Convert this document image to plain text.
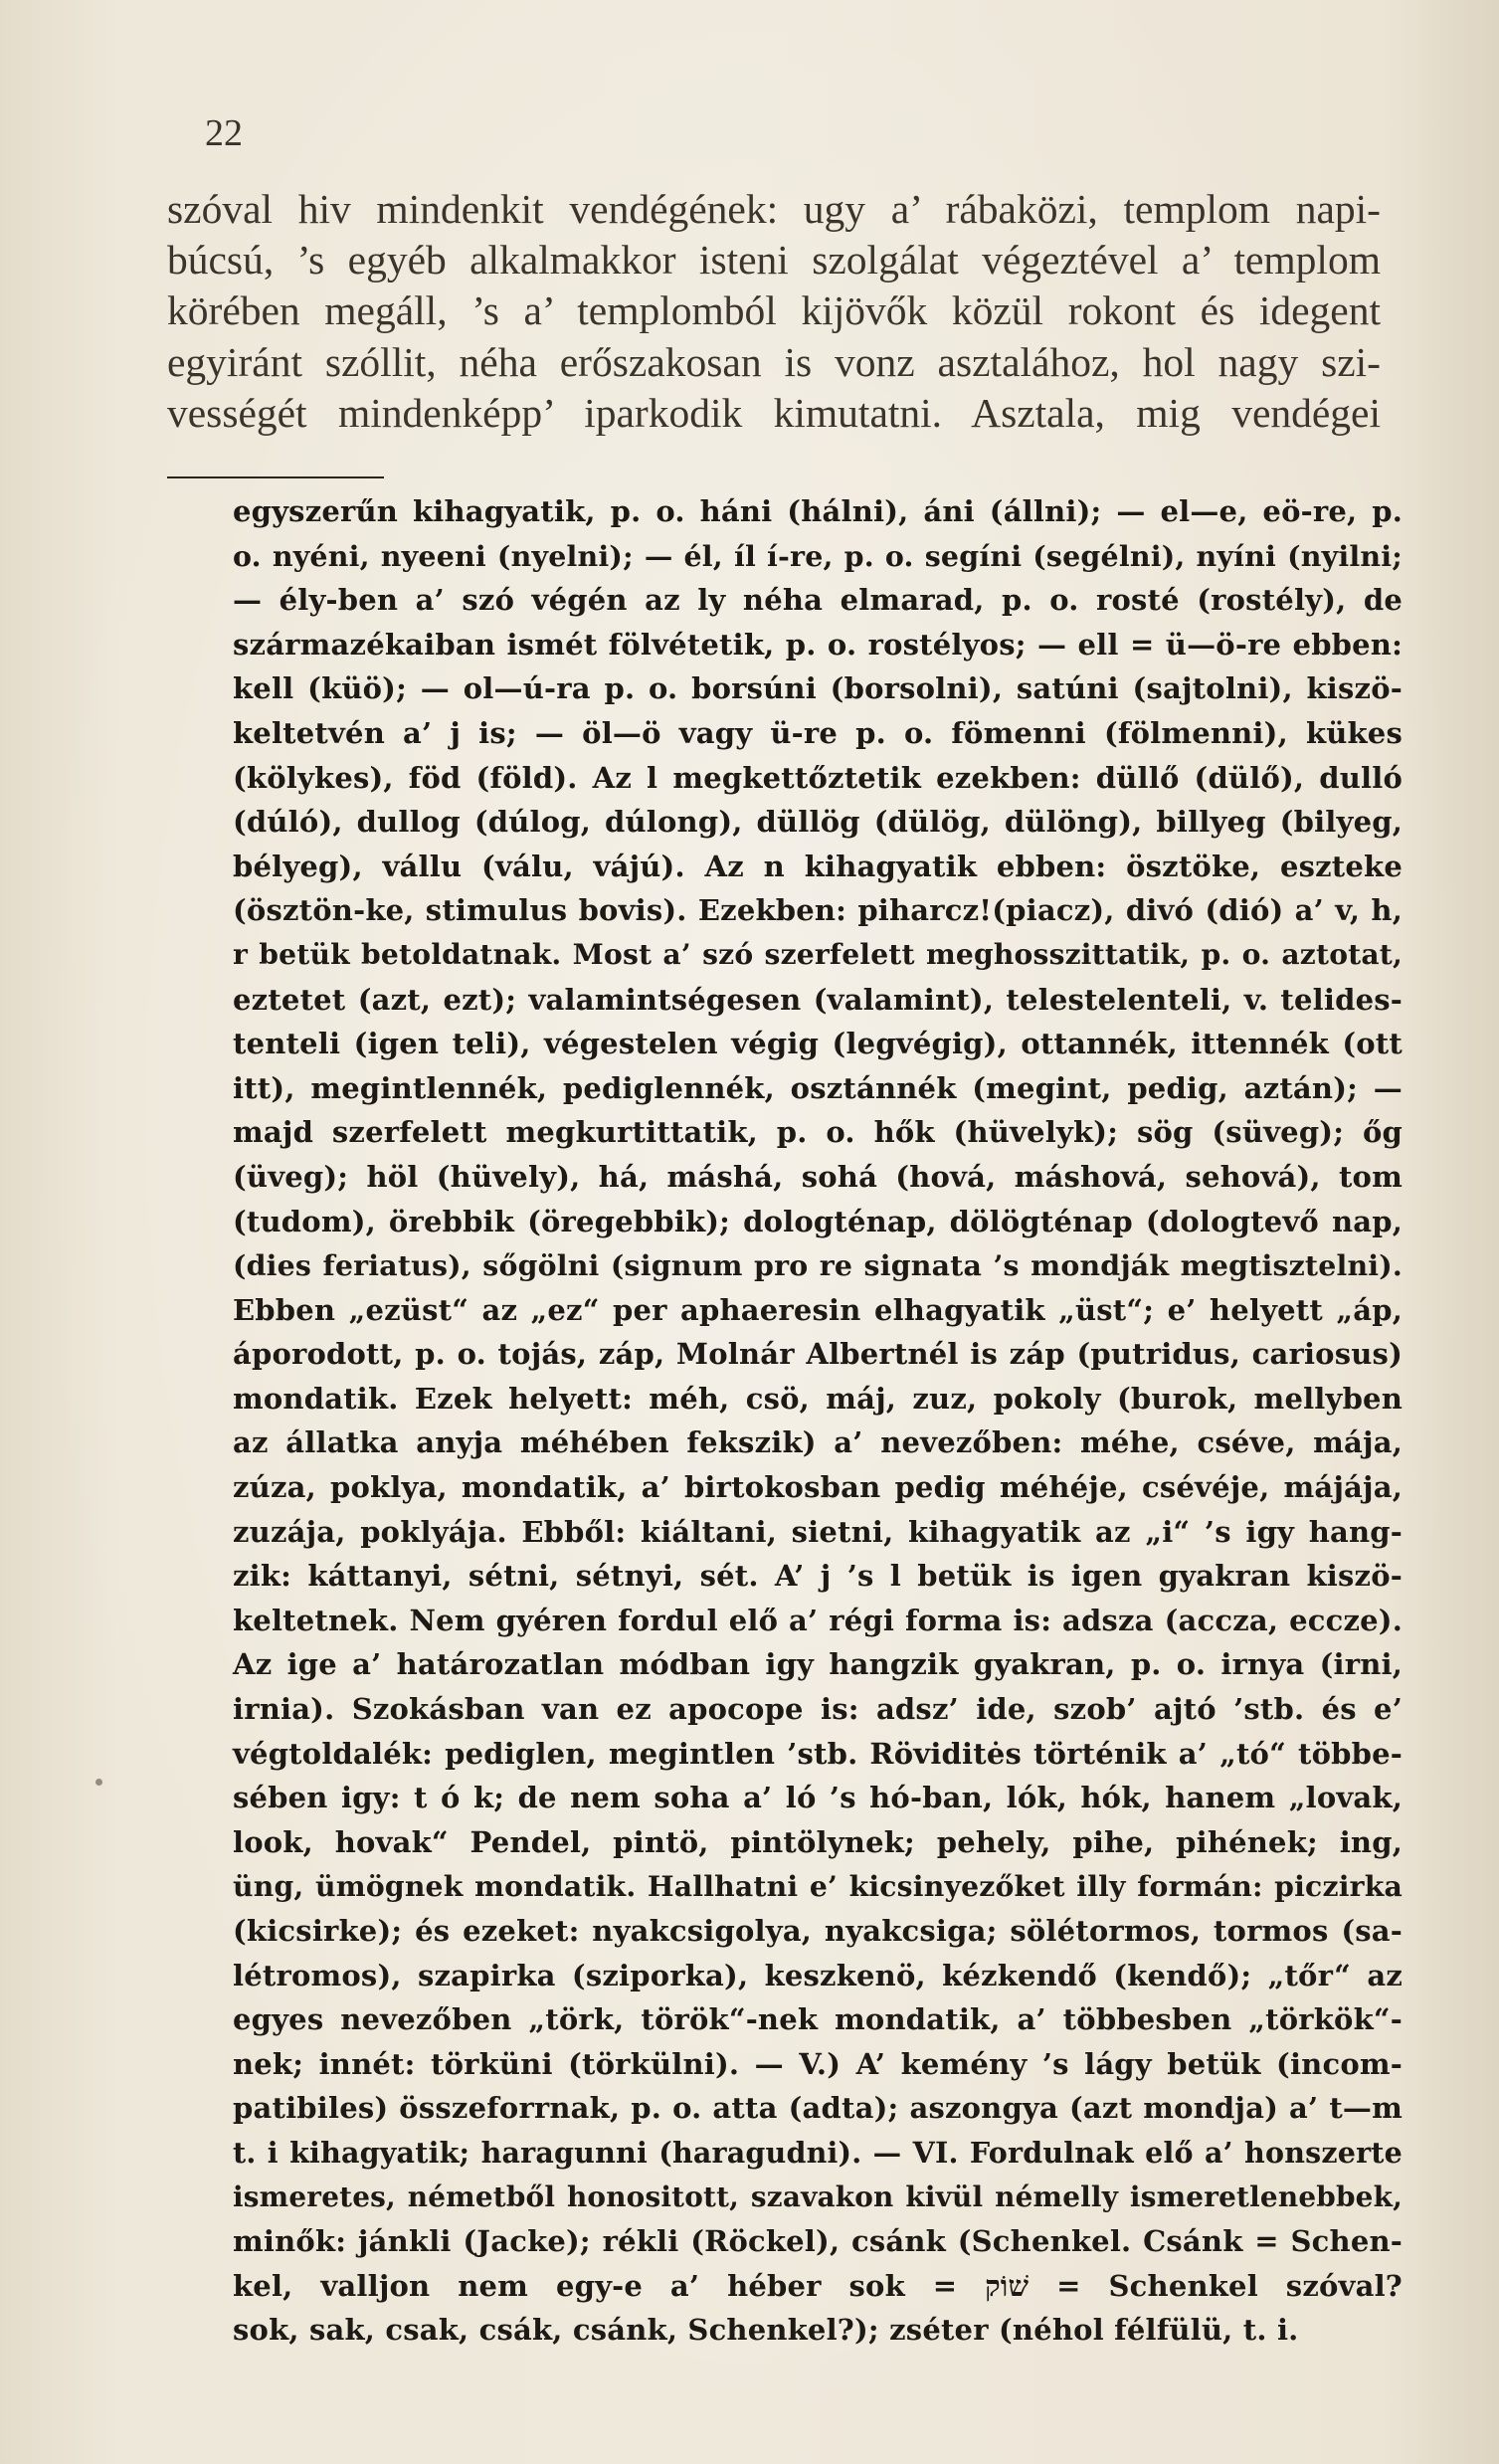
22
szóval hiv mindenkit vendégének: ugy a’ rábaközi, templom napi-
búcsú, ’s egyéb alkalmakkor isteni szolgálat végeztével a’ templom
körében megáll, ’s a’ templomból kijövők közül rokont és idegent
egyiránt szóllit, néha erőszakosan is vonz asztalához, hol nagy szi-
vességét mindenképp’ iparkodik kimutatni. Asztala, mig vendégei
egyszerűn kihagyatik, p. o. háni (hálni), áni (állni); — el—e, eö-re, p.
o. nyéni, nyeeni (nyelni); — él, íl í-re, p. o. segíni (segélni), nyíni (nyilni;
— ély-ben a’ szó végén az ly néha elmarad, p. o. rosté (rostély), de
származékaiban ismét fölvétetik, p. o. rostélyos; — ell = ü—ö-re ebben:
kell (küö); — ol—ú-ra p. o. borsúni (borsolni), satúni (sajtolni), kiszö-
keltetvén a’ j is; — öl—ö vagy ü-re p. o. fömenni (fölmenni), kükes
(kölykes), föd (föld). Az l megkettőztetik ezekben: düllő (dülő), dulló
(dúló), dullog (dúlog, dúlong), düllög (dülög, dülöng), billyeg (bilyeg,
bélyeg), vállu (válu, vájú). Az n kihagyatik ebben: ösztöke, eszteke
(ösztön-ke, stimulus bovis). Ezekben: piharcz!(piacz), divó (dió) a’ v, h,
r betük betoldatnak. Most a’ szó szerfelett meghosszittatik, p. o. aztotat,
eztetet (azt, ezt); valamintségesen (valamint), telestelenteli, v. telides-
tenteli (igen teli), végestelen végig (legvégig), ottannék, ittennék (ott
itt), megintlennék, pediglennék, osztánnék (megint, pedig, aztán); —
majd szerfelett megkurtittatik, p. o. hők (hüvelyk); sög (süveg); őg
(üveg); höl (hüvely), há, máshá, sohá (hová, máshová, sehová), tom
(tudom), örebbik (öregebbik); dologténap, dölögténap (dologtevő nap,
(dies feriatus), sőgölni (signum pro re signata ’s mondják megtisztelni).
Ebben „ezüst“ az „ez“ per aphaeresin elhagyatik „üst“; e’ helyett „áp,
áporodott, p. o. tojás, záp, Molnár Albertnél is záp (putridus, cariosus)
mondatik. Ezek helyett: méh, csö, máj, zuz, pokoly (burok, mellyben
az állatka anyja méhében fekszik) a’ nevezőben: méhe, cséve, mája,
zúza, poklya, mondatik, a’ birtokosban pedig méhéje, csévéje, májája,
zuzája, poklyája. Ebből: kiáltani, sietni, kihagyatik az „i“ ’s igy hang-
zik: káttanyi, sétni, sétnyi, sét. A’ j ’s l betük is igen gyakran kiszö-
keltetnek. Nem gyéren fordul elő a’ régi forma is: adsza (accza, eccze).
Az ige a’ határozatlan módban igy hangzik gyakran, p. o. irnya (irni,
irnia). Szokásban van ez apocope is: adsz’ ide, szob’ ajtó ’stb. és e’
végtoldalék: pediglen, megintlen ’stb. Röviditės történik a’ „tó“ többe-
sében igy: t ó k; de nem soha a’ ló ’s hó-ban, lók, hók, hanem „lovak,
look, hovak“ Pendel, pintö, pintölynek; pehely, pihe, pihének; ing,
üng, ümögnek mondatik. Hallhatni e’ kicsinyezőket illy formán: piczirka
(kicsirke); és ezeket: nyakcsigolya, nyakcsiga; sölétormos, tormos (sa-
létromos), szapirka (sziporka), keszkenö, kézkendő (kendő); „tőr“ az
egyes nevezőben „törk, török“-nek mondatik, a’ többesben „törkök“-
nek; innét: törküni (törkülni). — V.) A’ kemény ’s lágy betük (incom-
patibiles) összeforrnak, p. o. atta (adta); aszongya (azt mondja) a’ t—m
t. i kihagyatik; haragunni (haragudni). — VI. Fordulnak elő a’ honszerte
ismeretes, németből honositott, szavakon kivül némelly ismeretlenebbek,
minők: jánkli (Jacke); rékli (Röckel), csánk (Schenkel. Csánk = Schen-
kel, valljon nem egy-e a’ héber sok = שׁוֹק = Schenkel szóval?
sok, sak, csak, csák, csánk, Schenkel?); zséter (néhol félfülü, t. i.
